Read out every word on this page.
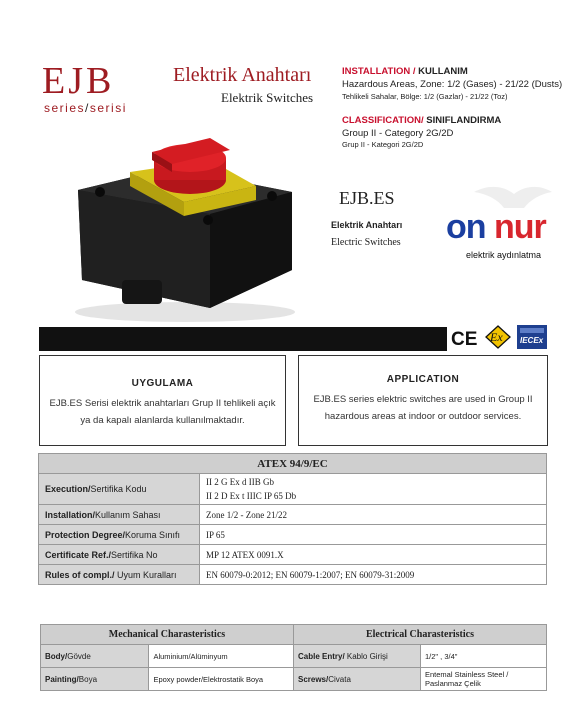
EJB
series/serisi
Elektrik Anahtarı
Elektrik Switches
INSTALLATION / KULLANIM
Hazardous Areas, Zone: 1/2 (Gases) - 21/22 (Dusts)
Tehlikeli Sahalar, Bölge: 1/2 (Gazlar) - 21/22 (Toz)
CLASSIFICATION/ SINIFLANDIRMA
Group II - Category 2G/2D
Grup II - Kategori 2G/2D
EJB.ES
Elektrik Anahtarı
Electric Switches on nur
elektrik aydınlatma
CE Ex IECEx
UYGULAMA

EJB.ES Serisi elektrik anahtarları Grup II tehlikeli açık ya da kapalı alanlarda kullanılmaktadır.

APPLICATION

EJB.ES series elektric switches are used in Group II hazardous areas at indoor or outdoor services.

ATEX 94/9/EC	
Execution/Sertifika Kodu	II 2 G Ex d IIB Gb
II 2 D Ex t IIIC IP 65 Db

Installation/Kullanım Sahası	Zone 1/2 - Zone 21/22
Protection Degree/Koruma Sınıfı	IP 65
Certificate Ref./Sertifika No	MP 12 ATEX 0091.X
Rules of compl./ Uyum Kuralları	EN 60079-0:2012; EN 60079-1:2007; EN 60079-31:2009
Mechanical Charasteristics		Electrical Charasteristics	
Body/Gövde	Aluminium/Alüminyum	Cable Entry/ Kablo Girişi	1/2" , 3/4"
Painting/Boya	Epoxy powder/Elektrostatik Boya	Screws/Civata	Entemal Stainless Steel / Paslanmaz Çelik
